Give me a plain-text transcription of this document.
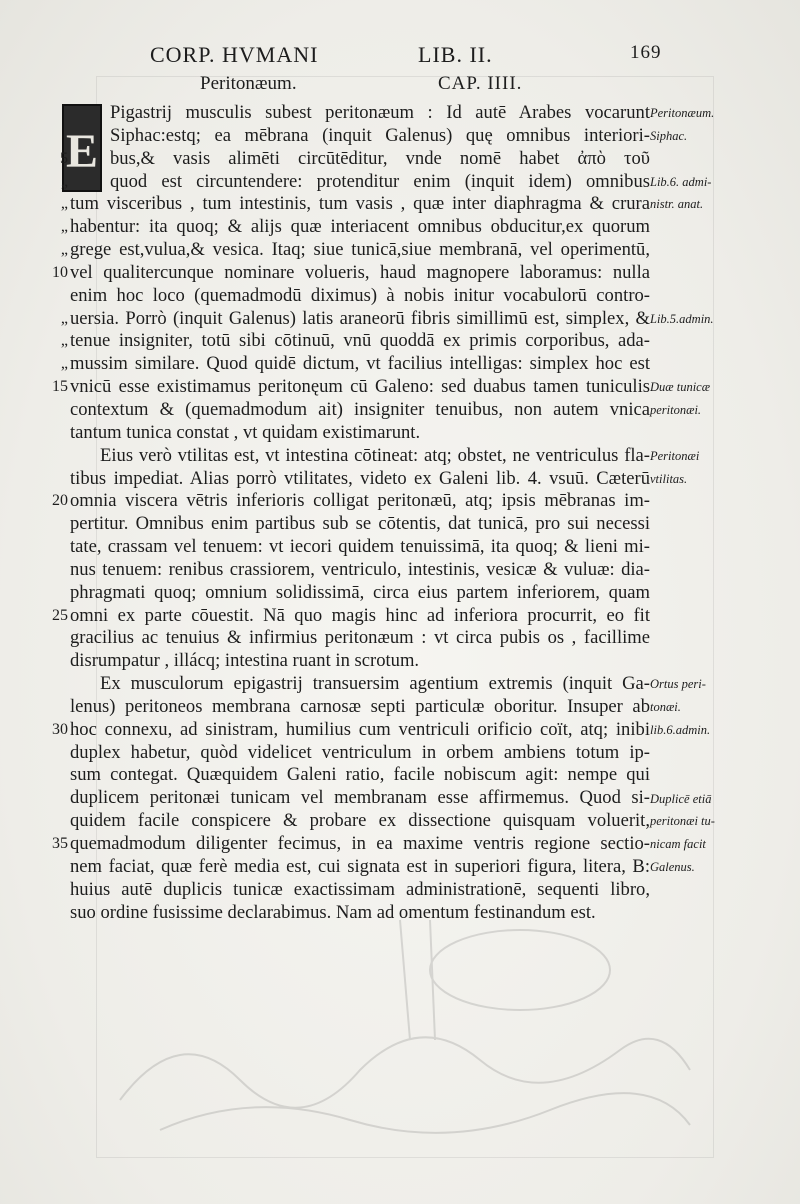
CORP. HVMANI	LIB. II.	169
Peritonæum.	CAP. IIII.
E
5
„
„
„
„
10
„
„
„
15
20
25
30
35
Pigastrij musculis subest peritonæum : Id autē Arabes vocarunt
Siphac:estq; ea mēbrana (inquit Galenus) quę omnibus interiori-
bus,& vasis alimēti circūtēditur, vnde nomē habet ἀπὸ τοῦ
quod est circuntendere: protenditur enim (inquit idem) omnibus
tum visceribus , tum intestinis, tum vasis , quæ inter diaphragma & crura
habentur: ita quoq; & alijs quæ interiacent omnibus obducitur,ex quorum
grege est,vulua,& vesica. Itaq; siue tunicā,siue membranā, vel operimentū,
vel qualitercunque nominare volueris, haud magnopere laboramus: nulla
enim hoc loco (quemadmodū diximus) à nobis initur vocabulorū contro-
uersia. Porrò (inquit Galenus) latis araneorū fibris simillimū est, simplex, &
tenue insigniter, totū sibi cōtinuū, vnū quoddā ex primis corporibus, ada-
mussim similare. Quod quidē dictum, vt facilius intelligas: simplex hoc est
vnicū esse existimamus peritonęum cū Galeno: sed duabus tamen tuniculis
contextum & (quemadmodum ait) insigniter tenuibus, non autem vnica
tantum tunica constat , vt quidam existimarunt.
Eius verò vtilitas est, vt intestina cōtineat: atq; obstet, ne ventriculus fla-
tibus impediat. Alias porrò vtilitates, videto ex Galeni lib. 4. vsuū. Cæterū
omnia viscera vētris inferioris colligat peritonæū, atq; ipsis mēbranas im-
pertitur. Omnibus enim partibus sub se cōtentis, dat tunicā, pro sui necessi
tate, crassam vel tenuem: vt iecori quidem tenuissimā, ita quoq; & lieni mi-
nus tenuem: renibus crassiorem, ventriculo, intestinis, vesicæ & vuluæ: dia-
phragmati quoq; omnium solidissimā, circa eius partem inferiorem, quam
omni ex parte cōuestit. Nā quo magis hinc ad inferiora procurrit, eo fit
gracilius ac tenuius & infirmius peritonæum : vt circa pubis os , facillime
disrumpatur , illácq; intestina ruant in scrotum.
Ex musculorum epigastrij transuersim agentium extremis (inquit Ga-
lenus) peritoneos membrana carnosæ septi particulæ oboritur. Insuper ab
hoc connexu, ad sinistram, humilius cum ventriculi orificio coït, atq; inibi
duplex habetur, quòd videlicet ventriculum in orbem ambiens totum ip-
sum contegat. Quæquidem Galeni ratio, facile nobiscum agit: nempe qui
duplicem peritonæi tunicam vel membranam esse affirmemus. Quod si-
quidem facile conspicere & probare ex dissectione quisquam voluerit,
quemadmodum diligenter fecimus, in ea maxime ventris regione sectio-
nem faciat, quæ ferè media est, cui signata est in superiori figura, litera, B:
huius autē duplicis tunicæ exactissimam administrationē, sequenti libro,
suo ordine fusissime declarabimus. Nam ad omentum festinandum est.
Peritonæum.
Siphac.
Lib.6. admi-
nistr. anat.
Lib.5.admin.
Duæ tunicæ
peritonæi.
Peritonæi
vtilitas.
Ortus peri-
tonæi.
lib.6.admin.
Duplicē etiā
peritonæi tu-
nicam facit
Galenus.
